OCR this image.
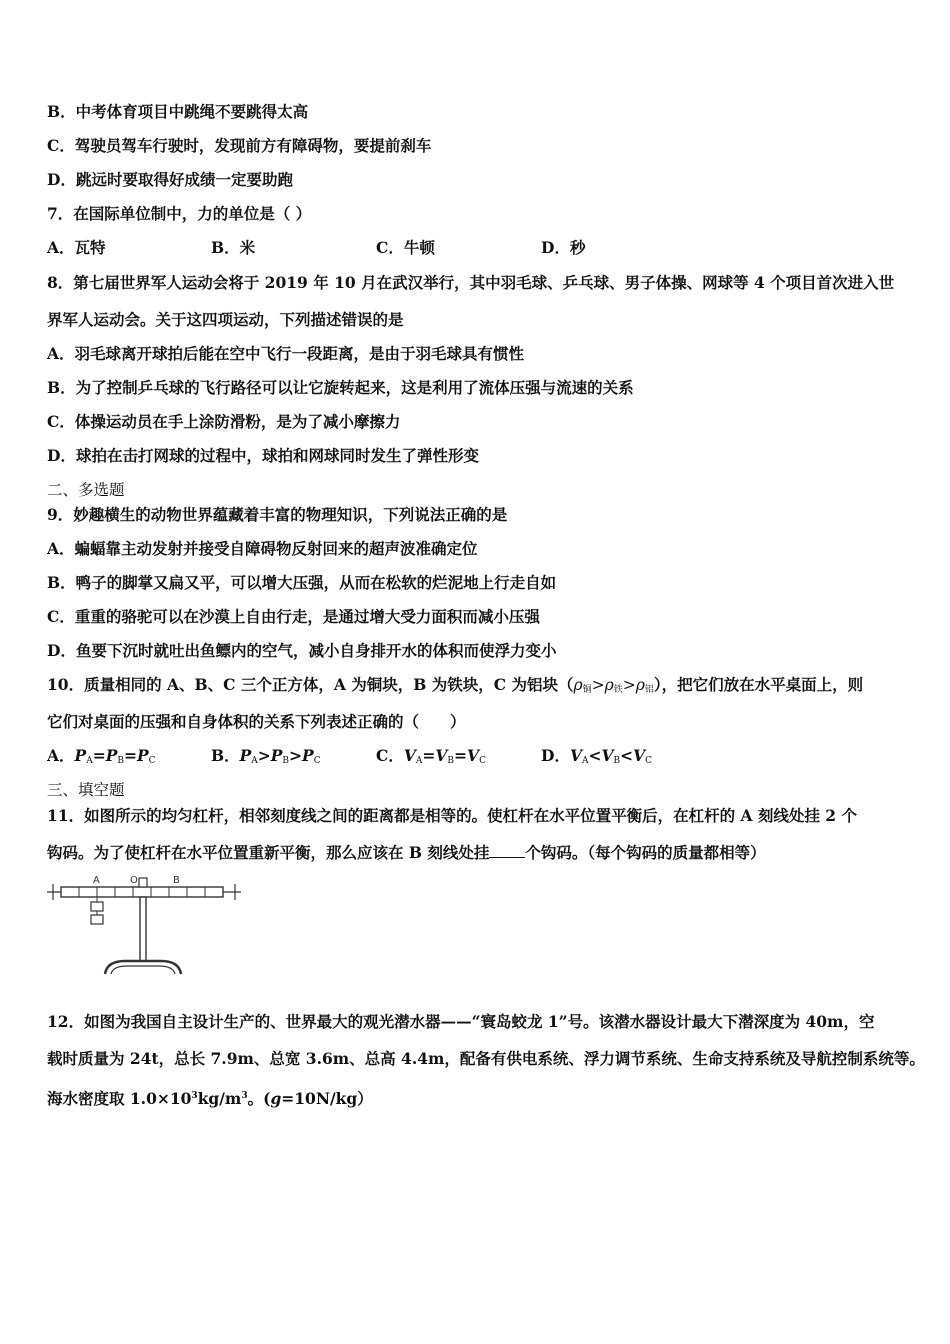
B．中考体育项目中跳绳不要跳得太高
C．驾驶员驾车行驶时，发现前方有障碍物，要提前刹车
D．跳远时要取得好成绩一定要助跑
7．在国际单位制中，力的单位是（ ）
A．瓦特	B．米	C．牛顿	D．秒
8．第七届世界军人运动会将于 2019 年 10 月在武汉举行，其中羽毛球、乒乓球、男子体操、网球等 4 个项目首次进入世
界军人运动会。关于这四项运动，下列描述错误的是
A．羽毛球离开球拍后能在空中飞行一段距离，是由于羽毛球具有惯性
B．为了控制乒乓球的飞行路径可以让它旋转起来，这是利用了流体压强与流速的关系
C．体操运动员在手上涂防滑粉，是为了减小摩擦力
D．球拍在击打网球的过程中，球拍和网球同时发生了弹性形变
二、多选题
9．妙趣横生的动物世界蕴藏着丰富的物理知识，下列说法正确的是
A．蝙蝠靠主动发射并接受自障碍物反射回来的超声波准确定位
B．鸭子的脚掌又扁又平，可以增大压强，从而在松软的烂泥地上行走自如
C．重重的骆驼可以在沙漠上自由行走，是通过增大受力面积而减小压强
D．鱼要下沉时就吐出鱼鳔内的空气，减小自身排开水的体积而使浮力变小
10．质量相同的 A、B、C 三个正方体，A 为铜块，B 为铁块，C 为铝块$(\rho_铜>\rho_铁>\rho_铝)$，把它们放在水平桌面上，则
它们对桌面的压强和自身体积的关系下列表述正确的（　　）
A．$P_A=P_B=P_C$	B．$P_A>P_B>P_C$	C．$V_A=V_B=V_C$	D．$V_A<V_B<V_C$
三、填空题
11．如图所示的均匀杠杆，相邻刻度线之间的距离都是相等的。使杠杆在水平位置平衡后，在杠杆的 A 刻线处挂 2 个
钩码。为了使杠杆在水平位置重新平衡，那么应该在 B 刻线处挂 个钩码。（每个钩码的质量都相等）
A	O	B
12．如图为我国自主设计生产的、世界最大的观光潜水器——“寰岛蛟龙 1”号。该潜水器设计最大下潜深度为 40m，空
载时质量为 24t，总长 7.9m、总宽 3.6m、总高 4.4m，配备有供电系统、浮力调节系统、生命支持系统及导航控制系统等。
海水密度取 $1.0\times 10^3kg/m^3$。(g=10N/kg）
